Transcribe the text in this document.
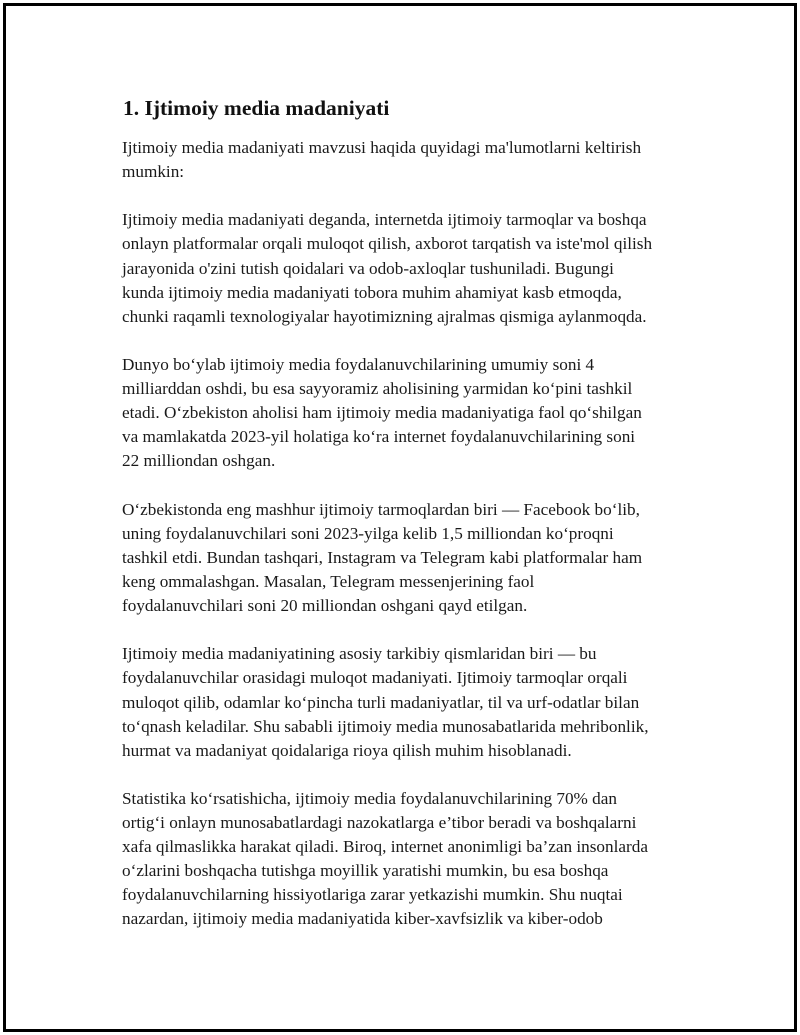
1. Ijtimoiy media madaniyati

Ijtimoiy media madaniyati mavzusi haqida quyidagi ma'lumotlarni keltirish
mumkin:

Ijtimoiy media madaniyati deganda, internetda ijtimoiy tarmoqlar va boshqa
onlayn platformalar orqali muloqot qilish, axborot tarqatish va iste'mol qilish
jarayonida o'zini tutish qoidalari va odob-axloqlar tushuniladi. Bugungi
kunda ijtimoiy media madaniyati tobora muhim ahamiyat kasb etmoqda,
chunki raqamli texnologiyalar hayotimizning ajralmas qismiga aylanmoqda.

Dunyo bo‘ylab ijtimoiy media foydalanuvchilarining umumiy soni 4
milliarddan oshdi, bu esa sayyoramiz aholisining yarmidan ko‘pini tashkil
etadi. O‘zbekiston aholisi ham ijtimoiy media madaniyatiga faol qo‘shilgan
va mamlakatda 2023-yil holatiga ko‘ra internet foydalanuvchilarining soni
22 milliondan oshgan.

O‘zbekistonda eng mashhur ijtimoiy tarmoqlardan biri — Facebook bo‘lib,
uning foydalanuvchilari soni 2023-yilga kelib 1,5 milliondan ko‘proqni
tashkil etdi. Bundan tashqari, Instagram va Telegram kabi platformalar ham
keng ommalashgan. Masalan, Telegram messenjerining faol
foydalanuvchilari soni 20 milliondan oshgani qayd etilgan.

Ijtimoiy media madaniyatining asosiy tarkibiy qismlaridan biri — bu
foydalanuvchilar orasidagi muloqot madaniyati. Ijtimoiy tarmoqlar orqali
muloqot qilib, odamlar ko‘pincha turli madaniyatlar, til va urf-odatlar bilan
to‘qnash keladilar. Shu sababli ijtimoiy media munosabatlarida mehribonlik,
hurmat va madaniyat qoidalariga rioya qilish muhim hisoblanadi.

Statistika ko‘rsatishicha, ijtimoiy media foydalanuvchilarining 70% dan
ortig‘i onlayn munosabatlardagi nazokatlarga e’tibor beradi va boshqalarni
xafa qilmaslikka harakat qiladi. Biroq, internet anonimligi ba’zan insonlarda
o‘zlarini boshqacha tutishga moyillik yaratishi mumkin, bu esa boshqa
foydalanuvchilarning hissiyotlariga zarar yetkazishi mumkin. Shu nuqtai
nazardan, ijtimoiy media madaniyatida kiber-xavfsizlik va kiber-odob
